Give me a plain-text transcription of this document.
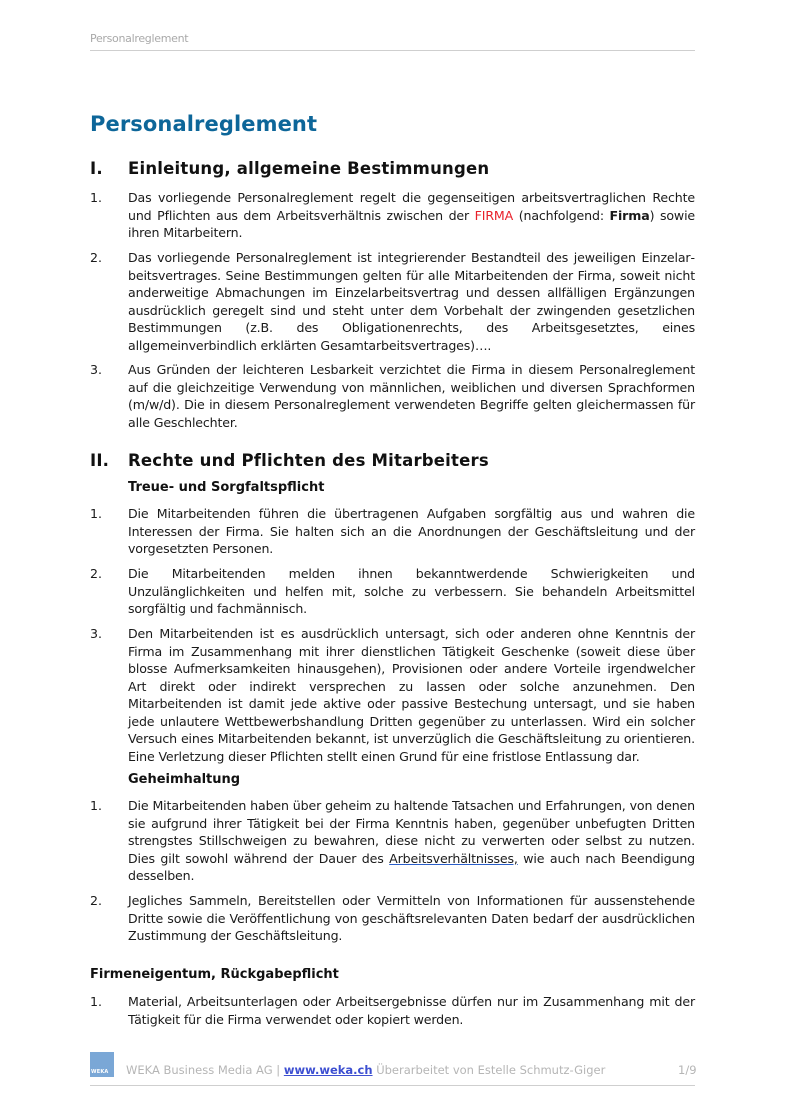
Personalreglement
Personalreglement
I. Einleitung, allgemeine Bestimmungen
1. Das vorliegende Personalreglement regelt die gegenseitigen arbeitsvertraglichen Rechte und Pflichten aus dem Arbeitsverhältnis zwischen der FIRMA (nachfolgend: Firma) sowie ihren Mitarbeitern.
2. Das vorliegende Personalreglement ist integrierender Bestandteil des jeweiligen Einzelarbeitsvertrages. Seine Bestimmungen gelten für alle Mitarbeitenden der Firma, soweit nicht anderweitige Abmachungen im Einzelarbeitsvertrag und dessen allfälligen Ergänzungen ausdrücklich geregelt sind und steht unter dem Vorbehalt der zwingenden gesetzlichen Bestimmungen (z.B. des Obligationenrechts, des Arbeitsgesetztes, eines allgemeinverbindlich erklärten Gesamtarbeitsvertrages)….
3. Aus Gründen der leichteren Lesbarkeit verzichtet die Firma in diesem Personalreglement auf die gleichzeitige Verwendung von männlichen, weiblichen und diversen Sprachformen (m/w/d). Die in diesem Personalreglement verwendeten Begriffe gelten gleichermassen für alle Geschlechter.
II. Rechte und Pflichten des Mitarbeiters
Treue- und Sorgfaltspflicht
1. Die Mitarbeitenden führen die übertragenen Aufgaben sorgfältig aus und wahren die Interessen der Firma. Sie halten sich an die Anordnungen der Geschäftsleitung und der vorgesetzten Personen.
2. Die Mitarbeitenden melden ihnen bekanntwerdende Schwierigkeiten und Unzulänglichkeiten und helfen mit, solche zu verbessern. Sie behandeln Arbeitsmittel sorgfältig und fachmännisch.
3. Den Mitarbeitenden ist es ausdrücklich untersagt, sich oder anderen ohne Kenntnis der Firma im Zusammenhang mit ihrer dienstlichen Tätigkeit Geschenke (soweit diese über blosse Aufmerksamkeiten hinausgehen), Provisionen oder andere Vorteile irgendwelcher Art direkt oder indirekt versprechen zu lassen oder solche anzunehmen. Den Mitarbeitenden ist damit jede aktive oder passive Bestechung untersagt, und sie haben jede unlautere Wettbewerbshandlung Dritten gegenüber zu unterlassen. Wird ein solcher Versuch eines Mitarbeitenden bekannt, ist unverzüglich die Geschäftsleitung zu orientieren. Eine Verletzung dieser Pflichten stellt einen Grund für eine fristlose Entlassung dar.
Geheimhaltung
1. Die Mitarbeitenden haben über geheim zu haltende Tatsachen und Erfahrungen, von denen sie aufgrund ihrer Tätigkeit bei der Firma Kenntnis haben, gegenüber unbefugten Dritten strengstes Stillschweigen zu bewahren, diese nicht zu verwerten oder selbst zu nutzen. Dies gilt sowohl während der Dauer des Arbeitsverhältnisses, wie auch nach Beendigung desselben.
2. Jegliches Sammeln, Bereitstellen oder Vermitteln von Informationen für aussenstehende Dritte sowie die Veröffentlichung von geschäftsrelevanten Daten bedarf der ausdrücklichen Zustimmung der Geschäftsleitung.
Firmeneigentum, Rückgabepflicht
1. Material, Arbeitsunterlagen oder Arbeitsergebnisse dürfen nur im Zusammenhang mit der Tätigkeit für die Firma verwendet oder kopiert werden.
WEKA WEKA Business Media AG | www.weka.ch Überarbeitet von Estelle Schmutz-Giger	1/9
